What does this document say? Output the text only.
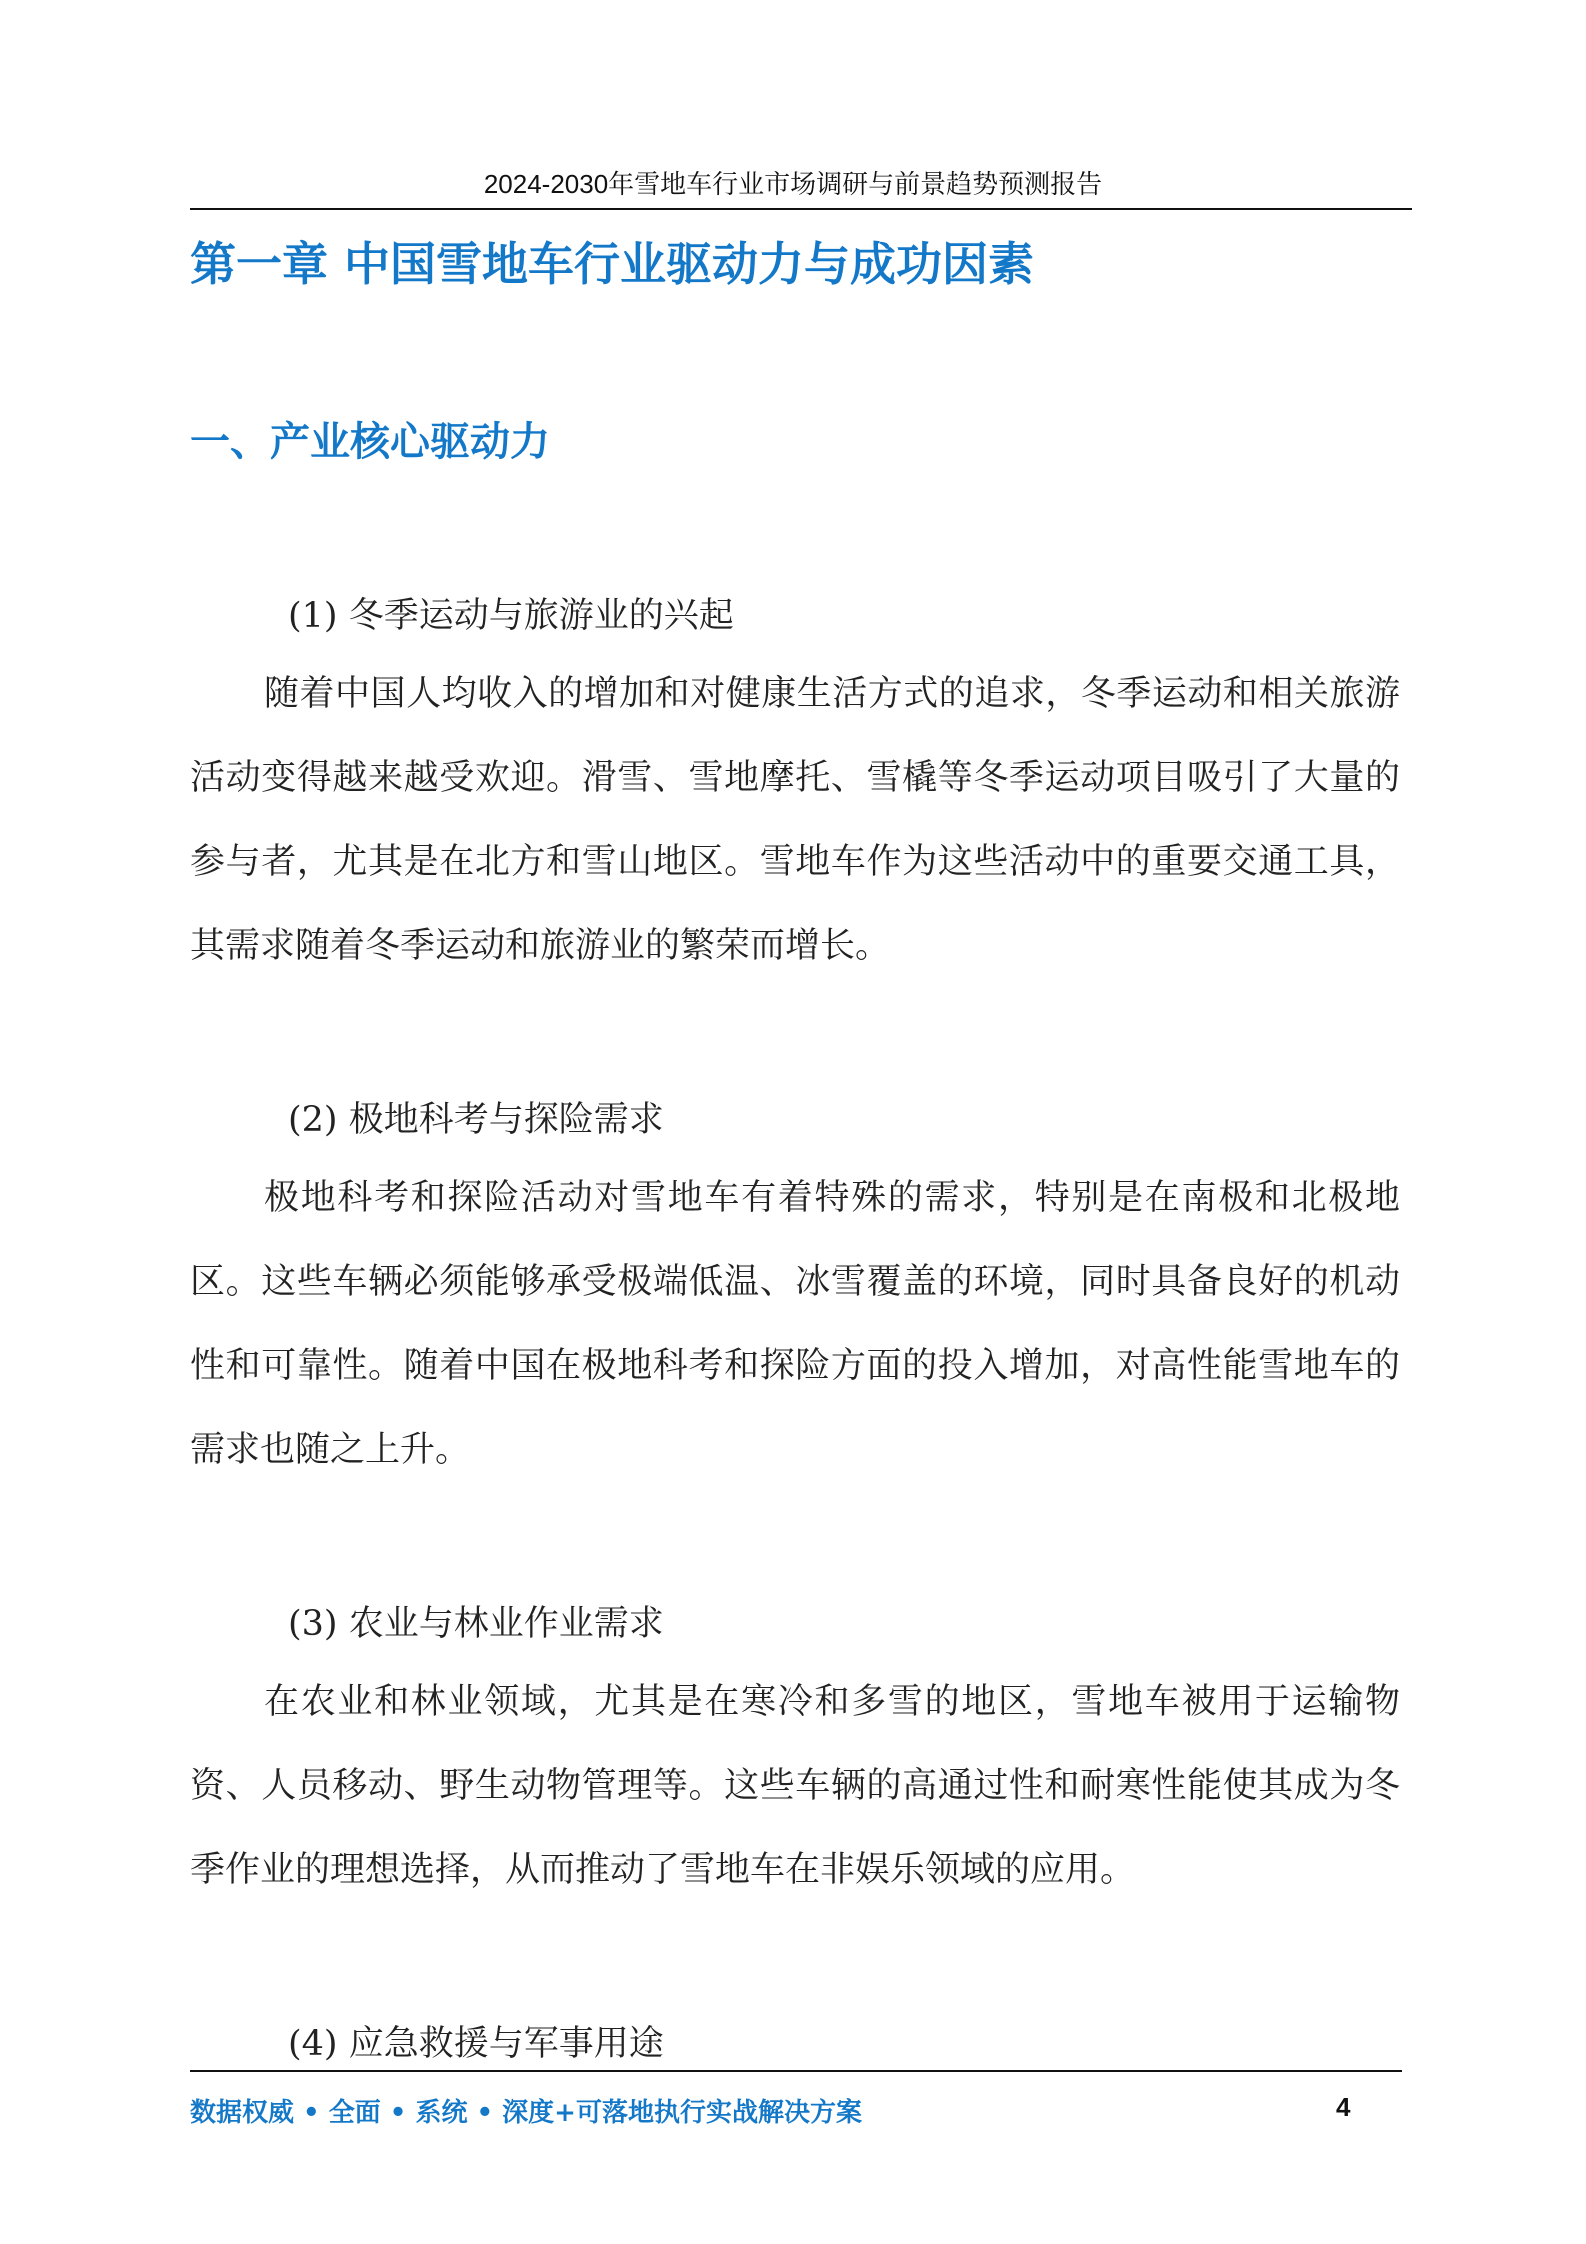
2024-2030年雪地车行业市场调研与前景趋势预测报告
第一章 中国雪地车行业驱动力与成功因素
一、产业核心驱动力
(1) 冬季运动与旅游业的兴起

随着中国人均收入的增加和对健康生活方式的追求，冬季运动和相关旅游活动变得越来越受欢迎。滑雪、雪地摩托、雪橇等冬季运动项目吸引了大量的参与者，尤其是在北方和雪山地区。雪地车作为这些活动中的重要交通工具，其需求随着冬季运动和旅游业的繁荣而增长。

(2) 极地科考与探险需求

极地科考和探险活动对雪地车有着特殊的需求，特别是在南极和北极地区。这些车辆必须能够承受极端低温、冰雪覆盖的环境，同时具备良好的机动性和可靠性。随着中国在极地科考和探险方面的投入增加，对高性能雪地车的需求也随之上升。

(3) 农业与林业作业需求

在农业和林业领域，尤其是在寒冷和多雪的地区，雪地车被用于运输物资、人员移动、野生动物管理等。这些车辆的高通过性和耐寒性能使其成为冬季作业的理想选择，从而推动了雪地车在非娱乐领域的应用。

(4) 应急救援与军事用途
数据权威 • 全面 • 系统 • 深度+可落地执行实战解决方案	4
